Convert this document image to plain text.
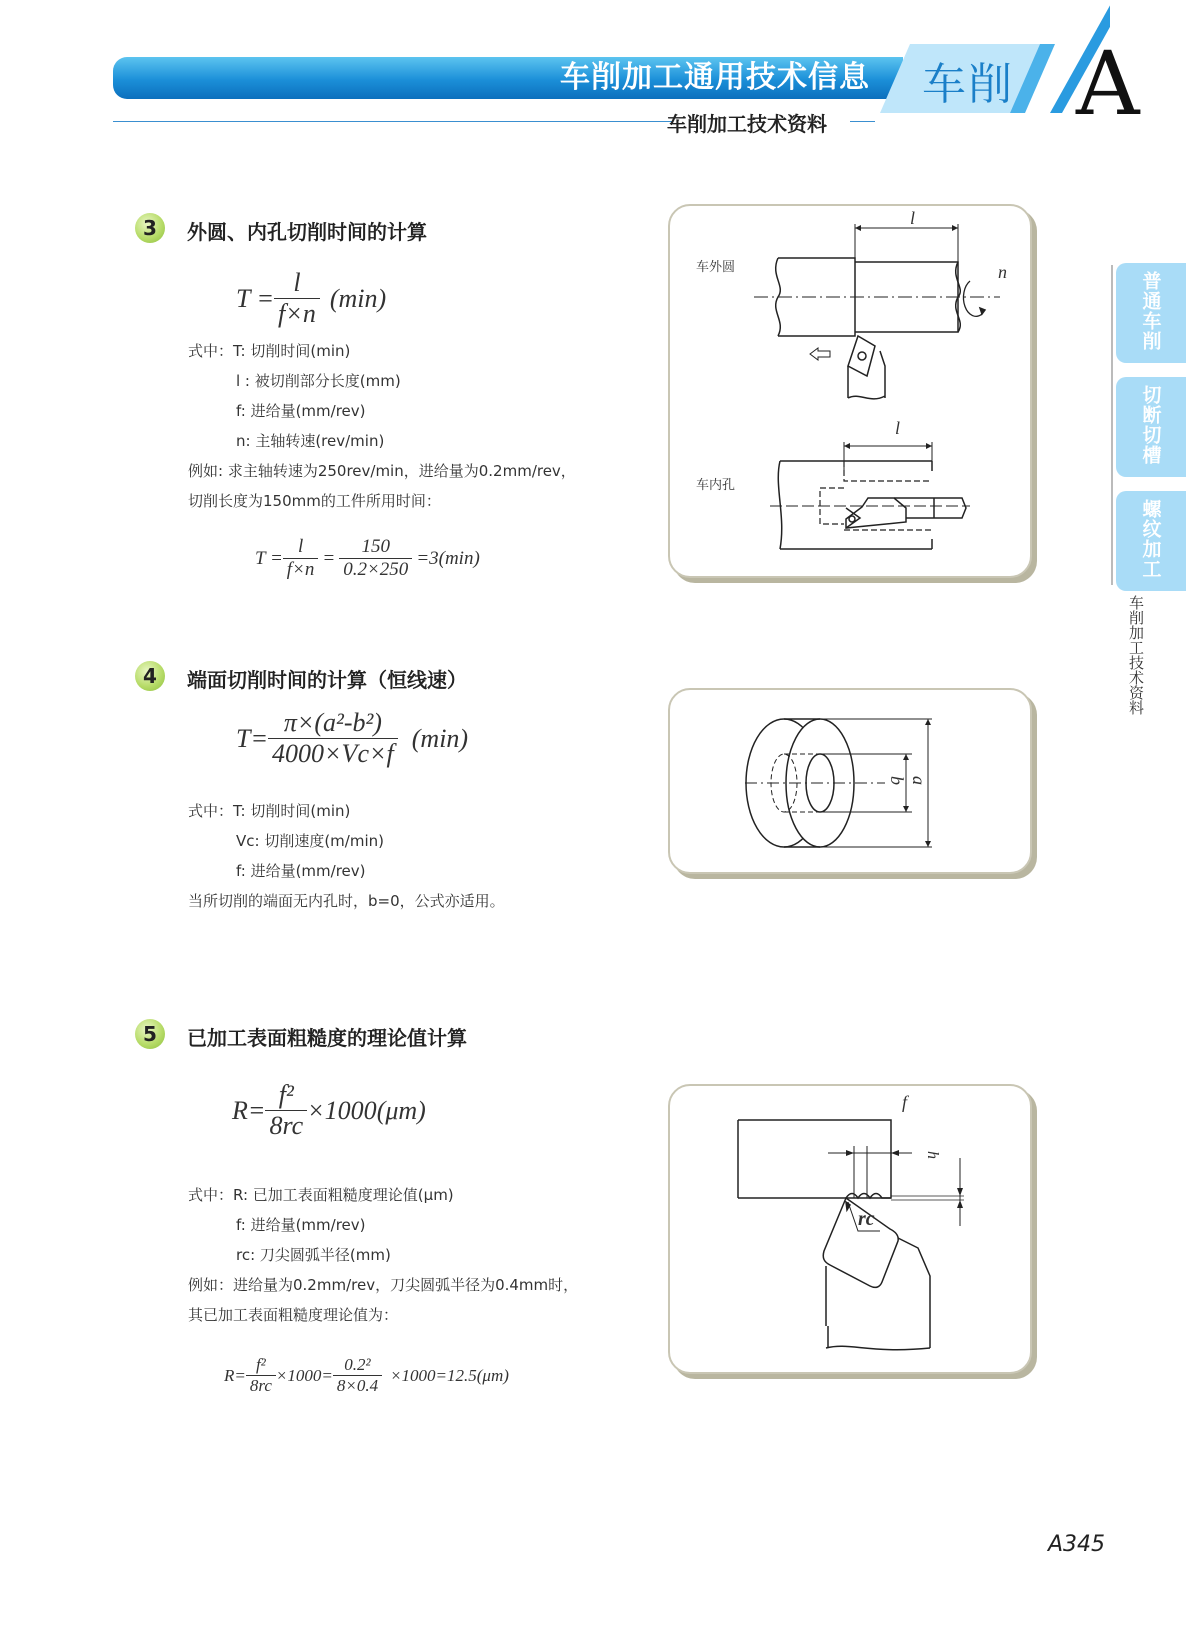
车削加工通用技术信息 车削 A
车削加工技术资料
普通车削
切断切槽
螺纹加工
车削加工技术资料
3	外圆、内孔切削时间的计算
$T = \frac{l}{f\times n} (\min)$
式中：T: 切削时间(min)
l : 被切削部分长度(mm)
f: 进给量(mm/rev)
n: 主轴转速(rev/min)
例如: 求主轴转速为250rev/min，进给量为0.2mm/rev，
切削长度为150mm的工件所用时间：
$T = \frac{l}{f\times n} = \frac{150}{0.2\times 250} =3(\min)$
车外圆
车内孔
l
l
n
4	端面切削时间的计算（恒线速）
$T= \frac{\text{π×(a²-b²)}}{4000\times Vc\times f} (\min)$
式中：T: 切削时间(min)
Vc: 切削速度(m/min)
f: 进给量(mm/rev)
当所切削的端面无内孔时，b=0，公式亦适用。
b a
5	已加工表面粗糙度的理论值计算
$R= \frac{\text{f²}}{8rc} \times 1000$ (μm)
式中：R: 已加工表面粗糙度理论值(μm)
f: 进给量(mm/rev)
rc: 刀尖圆弧半径(mm)
例如：进给量为0.2mm/rev，刀尖圆弧半径为0.4mm时，
其已加工表面粗糙度理论值为：
$R= \frac{\text{f²}}{8rc} \times 1000= \frac{\text{0.2²}}{8\times 0.4} \times 1000=12.5(\mu m)$
f
h
rc
A345
